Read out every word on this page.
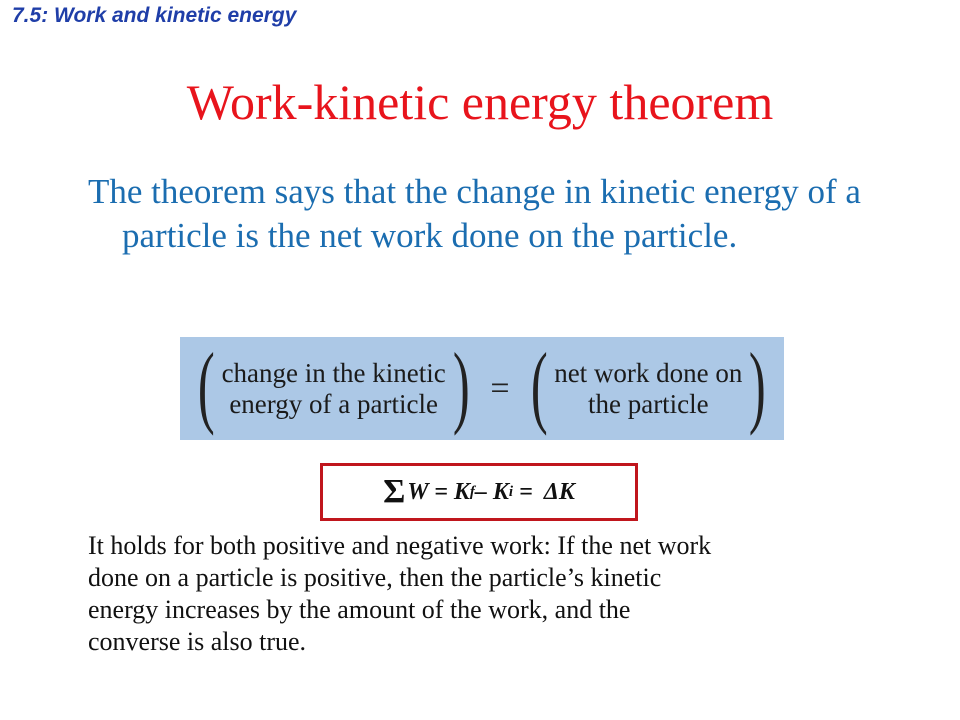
7.5: Work and kinetic energy
Work-kinetic energy theorem

The theorem says that the change in kinetic energy of a particle is the net work done on the particle.

( change in the kinetic
energy of a particle ) = ( net work done on
the particle )
Σ W = K f – K i =  ΔK

It holds for both positive and negative work: If the net work
done on a particle is positive, then the particle’s kinetic
energy increases by the amount of the work, and the
converse is also true.
